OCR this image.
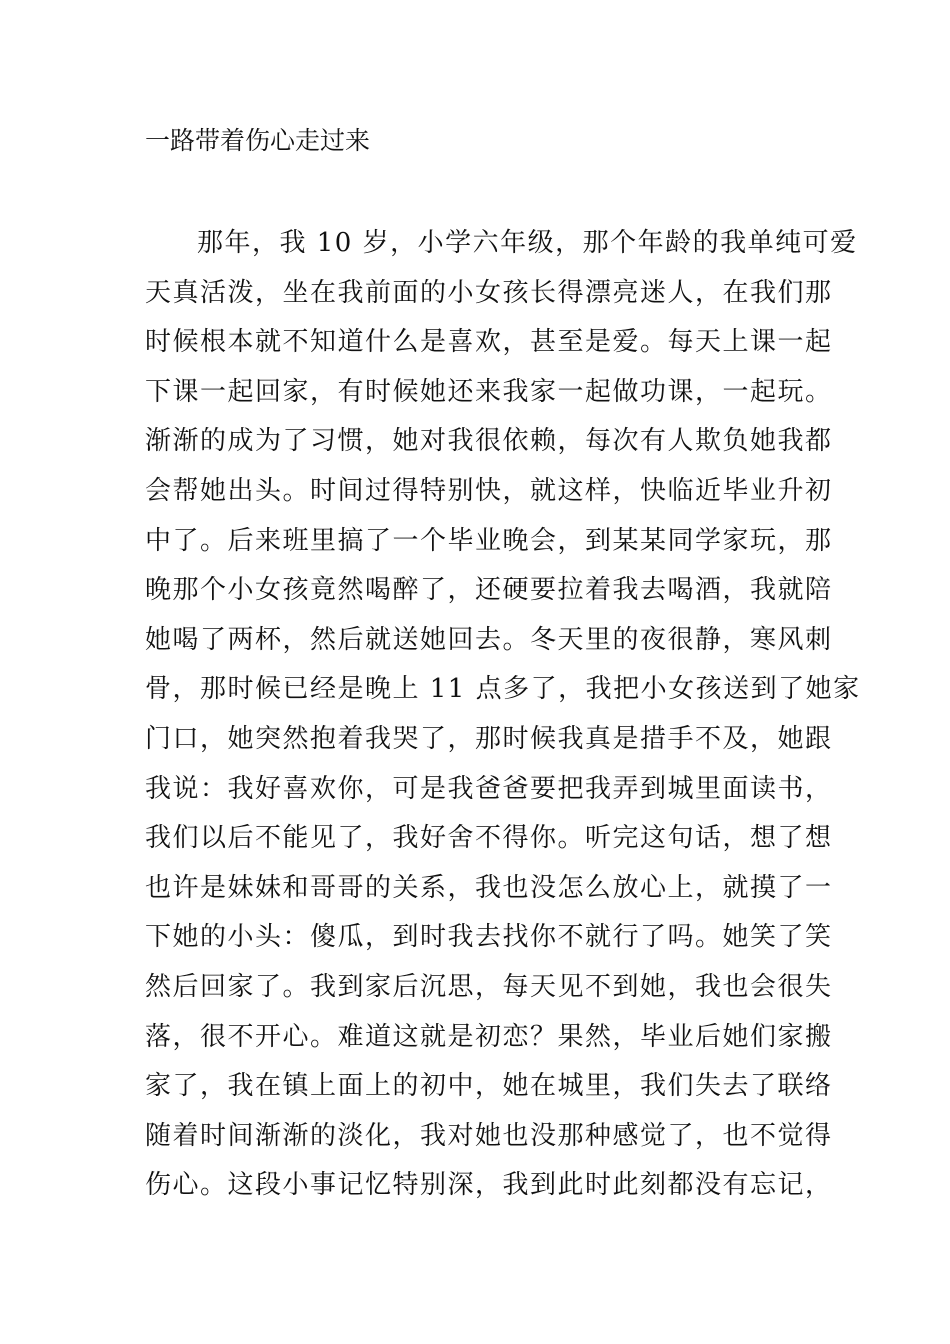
一路带着伤心走过来
那年，我 10 岁，小学六年级，那个年龄的我单纯可爱
天真活泼，坐在我前面的小女孩长得漂亮迷人，在我们那
时候根本就不知道什么是喜欢，甚至是爱。每天上课一起
下课一起回家，有时候她还来我家一起做功课，一起玩。
渐渐的成为了习惯，她对我很依赖，每次有人欺负她我都
会帮她出头。时间过得特别快，就这样，快临近毕业升初
中了。后来班里搞了一个毕业晚会，到某某同学家玩，那
晚那个小女孩竟然喝醉了，还硬要拉着我去喝酒，我就陪
她喝了两杯，然后就送她回去。冬天里的夜很静，寒风刺
骨，那时候已经是晚上 11 点多了，我把小女孩送到了她家
门口，她突然抱着我哭了，那时候我真是措手不及，她跟
我说：我好喜欢你，可是我爸爸要把我弄到城里面读书，
我们以后不能见了，我好舍不得你。听完这句话，想了想
也许是妹妹和哥哥的关系，我也没怎么放心上，就摸了一
下她的小头：傻瓜，到时我去找你不就行了吗。她笑了笑
然后回家了。我到家后沉思，每天见不到她，我也会很失
落，很不开心。难道这就是初恋？果然，毕业后她们家搬
家了，我在镇上面上的初中，她在城里，我们失去了联络
随着时间渐渐的淡化，我对她也没那种感觉了，也不觉得
伤心。这段小事记忆特别深，我到此时此刻都没有忘记，
